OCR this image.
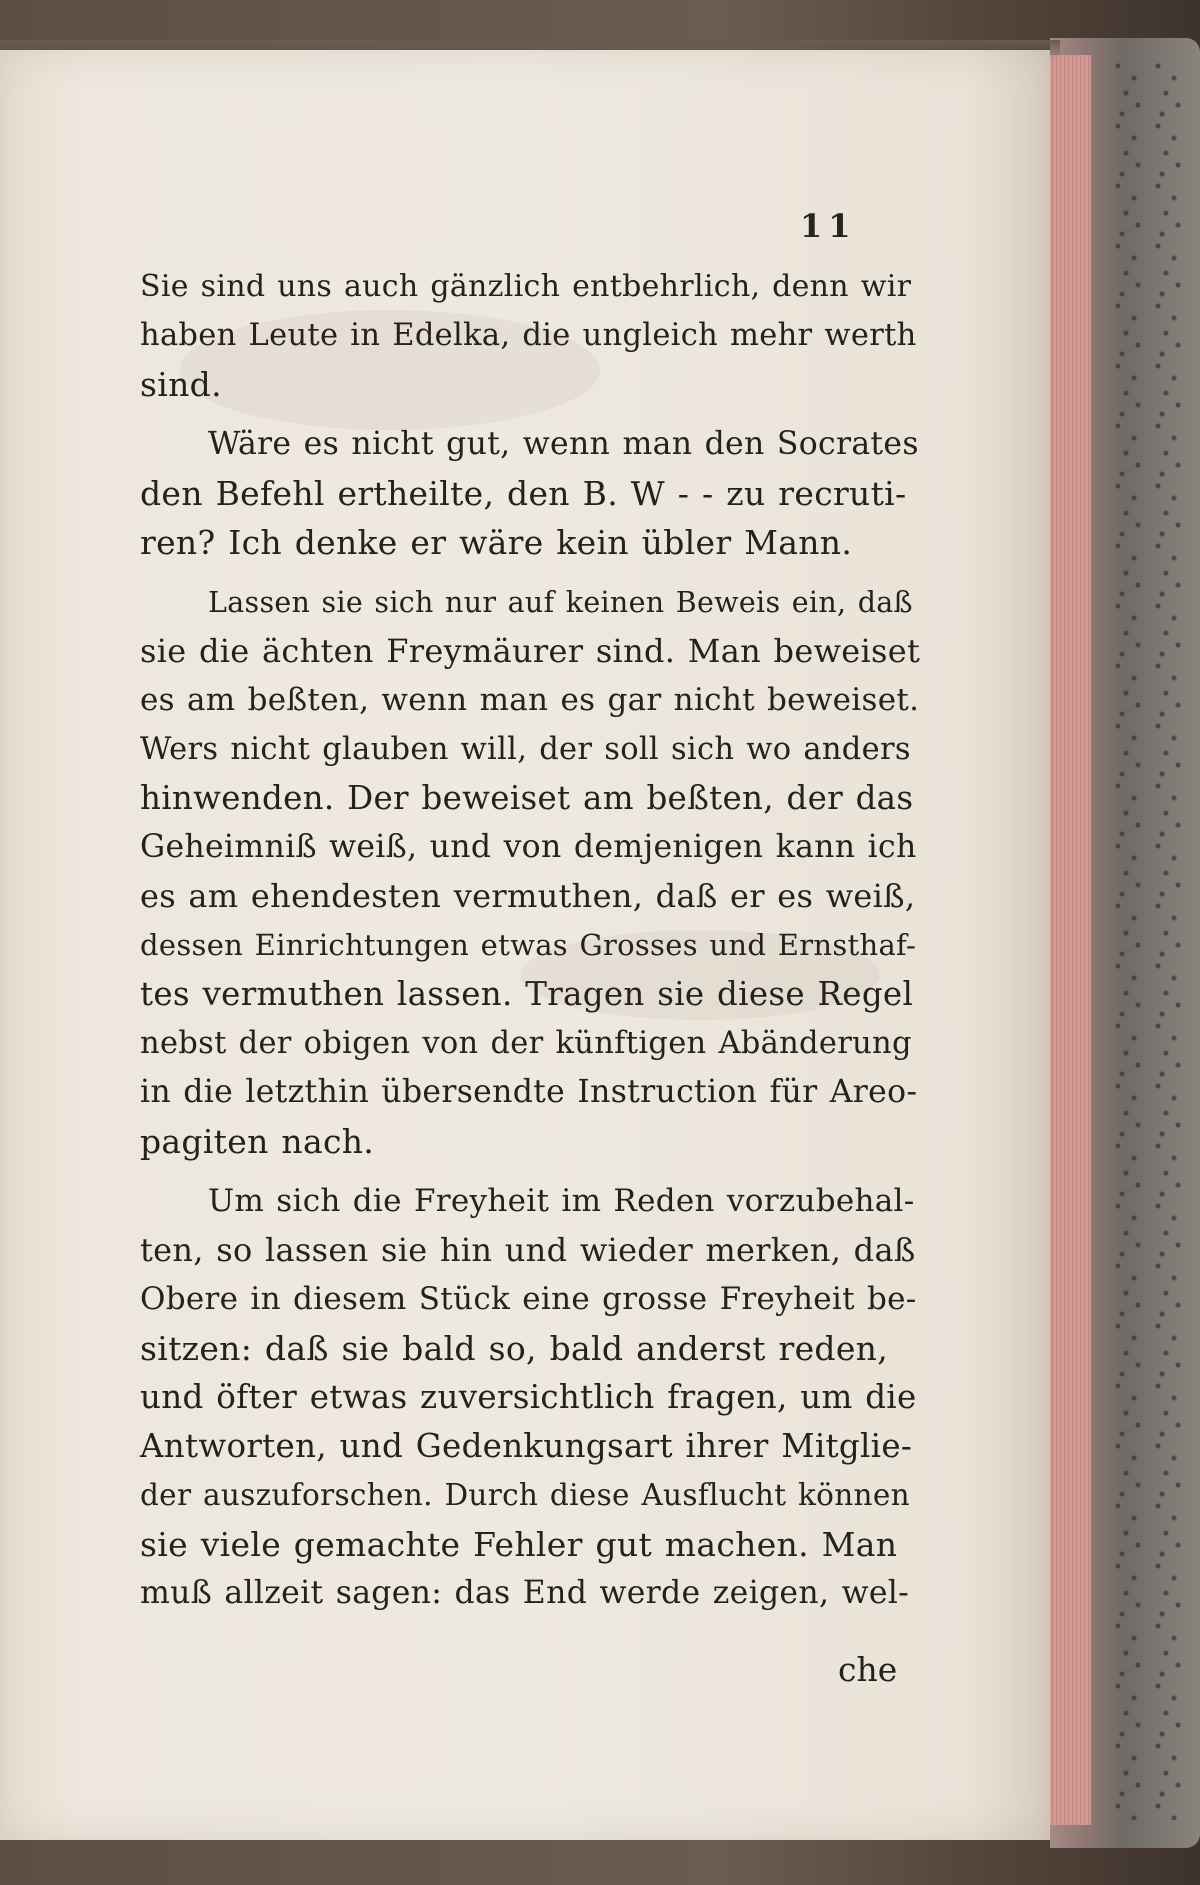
11
Sie sind uns auch gänzlich entbehrlich, denn wir
haben Leute in Edelka, die ungleich mehr werth
sind.
Wäre es nicht gut, wenn man den Socrates
den Befehl ertheilte, den B. W - - zu recruti-
ren? Ich denke er wäre kein übler Mann.
Lassen sie sich nur auf keinen Beweis ein, daß
sie die ächten Freymäurer sind. Man beweiset
es am beßten, wenn man es gar nicht beweiset.
Wers nicht glauben will, der soll sich wo anders
hinwenden. Der beweiset am beßten, der das
Geheimniß weiß, und von demjenigen kann ich
es am ehendesten vermuthen, daß er es weiß,
dessen Einrichtungen etwas Grosses und Ernsthaf-
tes vermuthen lassen. Tragen sie diese Regel
nebst der obigen von der künftigen Abänderung
in die letzthin übersendte Instruction für Areo-
pagiten nach.
Um sich die Freyheit im Reden vorzubehal-
ten, so lassen sie hin und wieder merken, daß
Obere in diesem Stück eine grosse Freyheit be-
sitzen: daß sie bald so, bald anderst reden,
und öfter etwas zuversichtlich fragen, um die
Antworten, und Gedenkungsart ihrer Mitglie-
der auszuforschen. Durch diese Ausflucht können
sie viele gemachte Fehler gut machen. Man
muß allzeit sagen: das End werde zeigen, wel-
che
